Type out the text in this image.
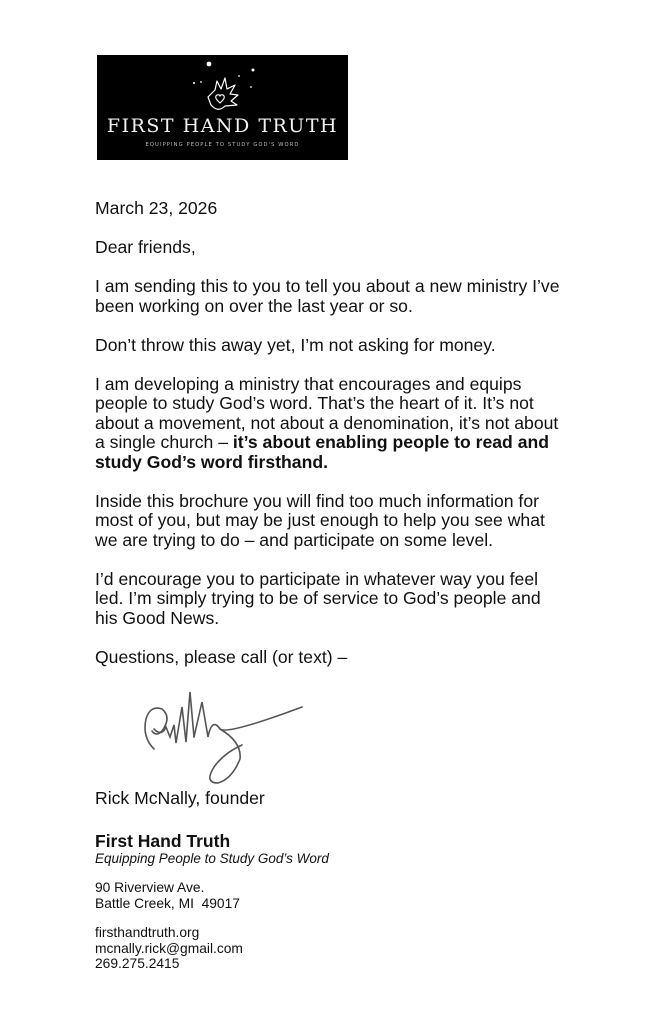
FIRST HAND TRUTH
EQUIPPING PEOPLE TO STUDY GOD'S WORD

March 23, 2026

Dear friends,

I am sending this to you to tell you about a new ministry I’ve been working on over the last year or so.

Don’t throw this away yet, I’m not asking for money.

I am developing a ministry that encourages and equips people to study God’s word. That’s the heart of it. It’s not about a movement, not about a denomination, it’s not about a single church – it’s about enabling people to read and study God’s word firsthand.

Inside this brochure you will find too much information for most of you, but may be just enough to help you see what we are trying to do – and participate on some level.

I’d encourage you to participate in whatever way you feel led. I’m simply trying to be of service to God’s people and his Good News.

Questions, please call (or text) –

Rick McNally, founder
First Hand Truth
Equipping People to Study God’s Word
90 Riverview Ave.
Battle Creek, MI  49017
firsthandtruth.org
mcnally.rick@gmail.com
269.275.2415
